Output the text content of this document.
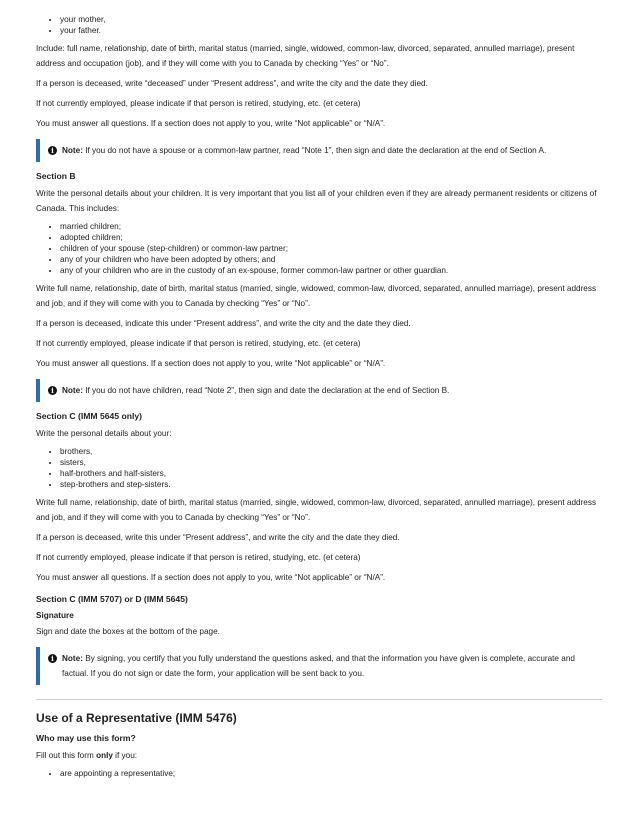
• your mother,
• your father.

Include: full name, relationship, date of birth, marital status (married, single, widowed, common-law, divorced, separated, annulled marriage), present address and occupation (job), and if they will come with you to Canada by checking “Yes” or “No”.

If a person is deceased, write “deceased” under “Present address”, and write the city and the date they died.

If not currently employed, please indicate if that person is retired, studying, etc. (et cetera)

You must answer all questions. If a section does not apply to you, write “Not applicable” or “N/A”.

i Note: If you do not have a spouse or a common-law partner, read “Note 1”, then sign and date the declaration at the end of Section A.
Section B

Write the personal details about your children. It is very important that you list all of your children even if they are already permanent residents or citizens of Canada. This includes:

• married children;
• adopted children;
• children of your spouse (step-children) or common-law partner;
• any of your children who have been adopted by others; and
• any of your children who are in the custody of an ex-spouse, former common-law partner or other guardian.

Write full name, relationship, date of birth, marital status (married, single, widowed, common-law, divorced, separated, annulled marriage), present address and job, and if they will come with you to Canada by checking “Yes” or “No”.

If a person is deceased, indicate this under “Present address”, and write the city and the date they died.

If not currently employed, please indicate if that person is retired, studying, etc. (et cetera)

You must answer all questions. If a section does not apply to you, write “Not applicable” or “N/A”.

i Note: If you do not have children, read “Note 2”, then sign and date the declaration at the end of Section B.
Section C (IMM 5645 only)

Write the personal details about your:

• brothers,
• sisters,
• half-brothers and half-sisters,
• step-brothers and step-sisters.

Write full name, relationship, date of birth, marital status (married, single, widowed, common-law, divorced, separated, annulled marriage), present address and job, and if they will come with you to Canada by checking “Yes” or “No”.

If a person is deceased, write this under “Present address”, and write the city and the date they died.

If not currently employed, please indicate if that person is retired, studying, etc. (et cetera)

You must answer all questions. If a section does not apply to you, write “Not applicable” or “N/A”.

Section C (IMM 5707) or D (IMM 5645)
Signature

Sign and date the boxes at the bottom of the page.

i Note: By signing, you certify that you fully understand the questions asked, and that the information you have given is complete, accurate and factual. If you do not sign or date the form, your application will be sent back to you.
Use of a Representative (IMM 5476)
Who may use this form?

Fill out this form only if you:

• are appointing a representative;
